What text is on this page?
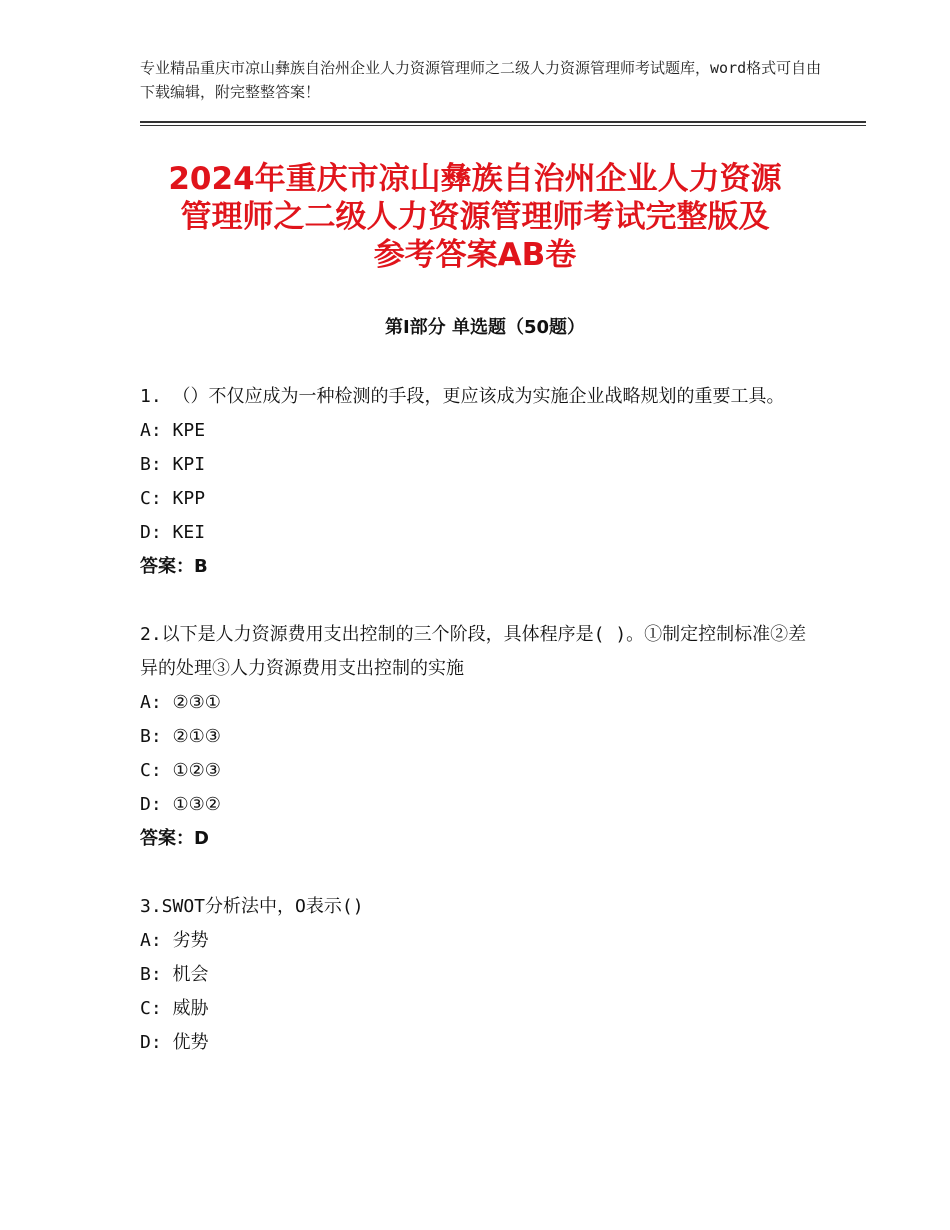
专业精品重庆市凉山彝族自治州企业人力资源管理师之二级人力资源管理师考试题库，word格式可自由下载编辑，附完整整答案！
2024年重庆市凉山彝族自治州企业人力资源
管理师之二级人力资源管理师考试完整版及
参考答案AB卷
第Ⅰ部分 单选题（50题）
1. （）不仅应成为一种检测的手段，更应该成为实施企业战略规划的重要工具。
A:
KPE
B:
KPI
C:
KPP
D:
KEI
答案：B
2.以下是人力资源费用支出控制的三个阶段，具体程序是( )。①制定控制标准②差异的处理③人力资源费用支出控制的实施
A:
②③①
B:
②①③
C:
①②③
D:
①③②
答案：D
3.SWOT分析法中，O表示()
A:
劣势
B:
机会
C:
威胁
D:
优势
